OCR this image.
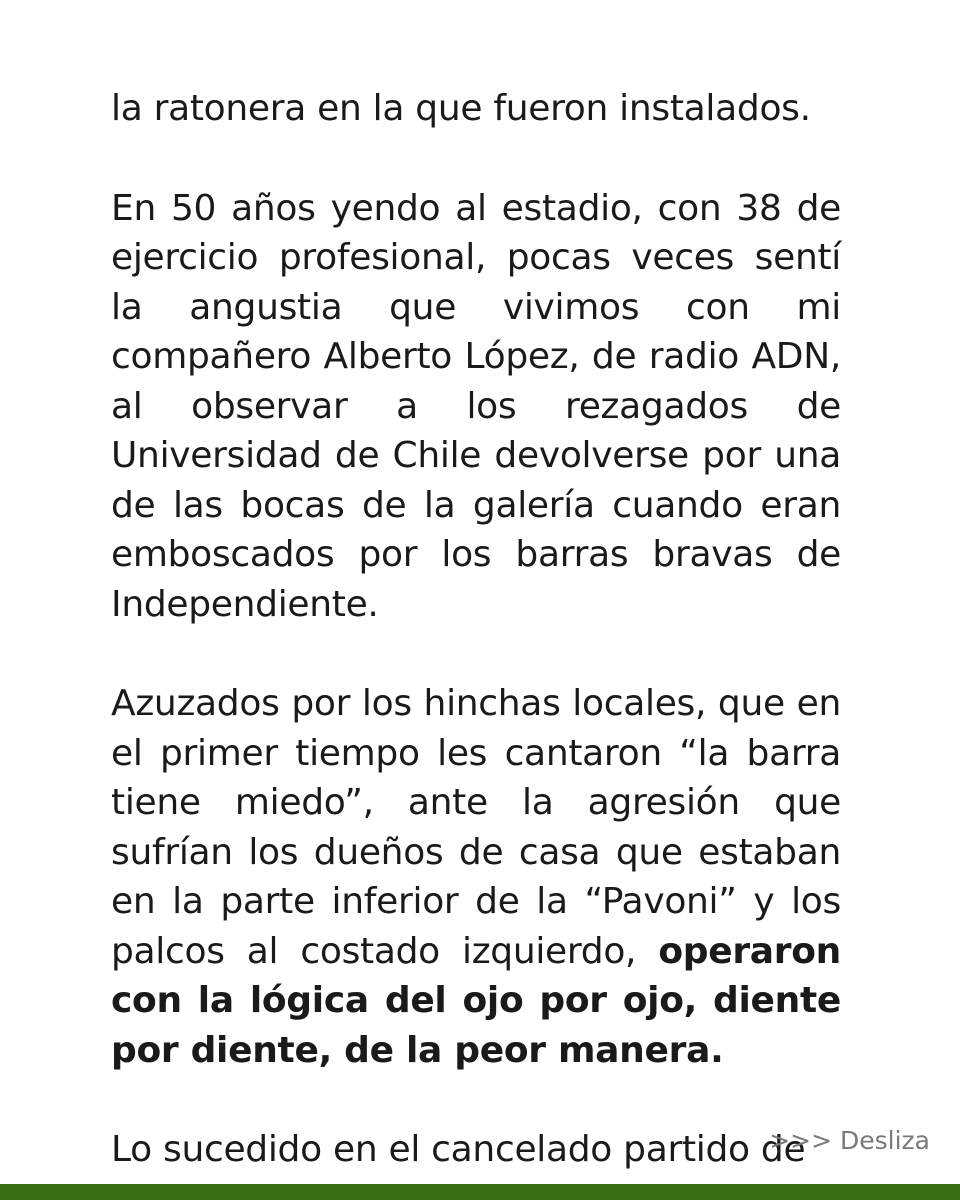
la ratonera en la que fueron instalados.

En 50 años yendo al estadio, con 38 de ejercicio profesional, pocas veces sentí la angustia que vivimos con mi compañero Alberto López, de radio ADN, al observar a los rezagados de Universidad de Chile devolverse por una de las bocas de la galería cuando eran emboscados por los barras bravas de Independiente.

Azuzados por los hinchas locales, que en el primer tiempo les cantaron “la barra tiene miedo”, ante la agresión que sufrían los dueños de casa que estaban en la parte inferior de la “Pavoni” y los palcos al costado izquierdo, operaron con la lógica del ojo por ojo, diente por diente, de la peor manera.

Lo sucedido en el cancelado partido de

>>> Desliza
